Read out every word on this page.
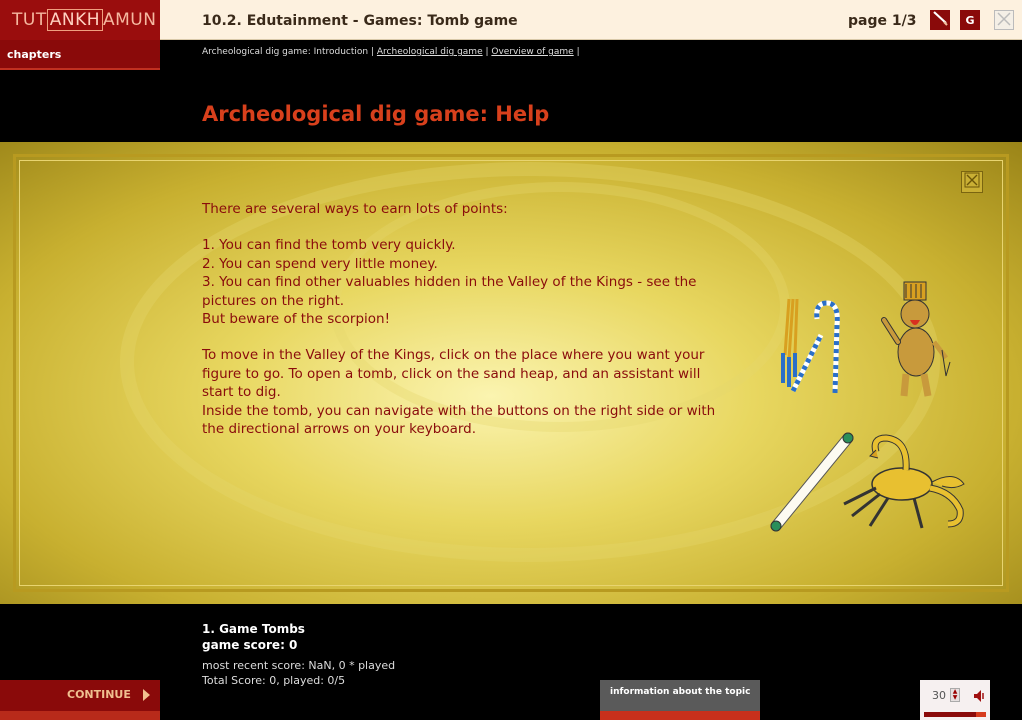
TUT ANKH AMUN
chapters
10.2. Edutainment - Games: Tomb game	page 1/3	G
Archeological dig game: Introduction | Archeological dig game | Overview of game |
Archeological dig game: Help

There are several ways to earn lots of points:

1. You can find the tomb very quickly.

2. You can spend very little money.

3. You can find other valuables hidden in the Valley of the Kings - see the pictures on the right.

But beware of the scorpion!

To move in the Valley of the Kings, click on the place where you want your figure to go. To open a tomb, click on the sand heap, and an assistant will start to dig.

Inside the tomb, you can navigate with the buttons on the right side or with the directional arrows on your keyboard.

1. Game Tombs
game score: 0
most recent score: NaN, 0 * played
Total Score: 0, played: 0/5
CONTINUE	information about the topic	30	▲
▼
